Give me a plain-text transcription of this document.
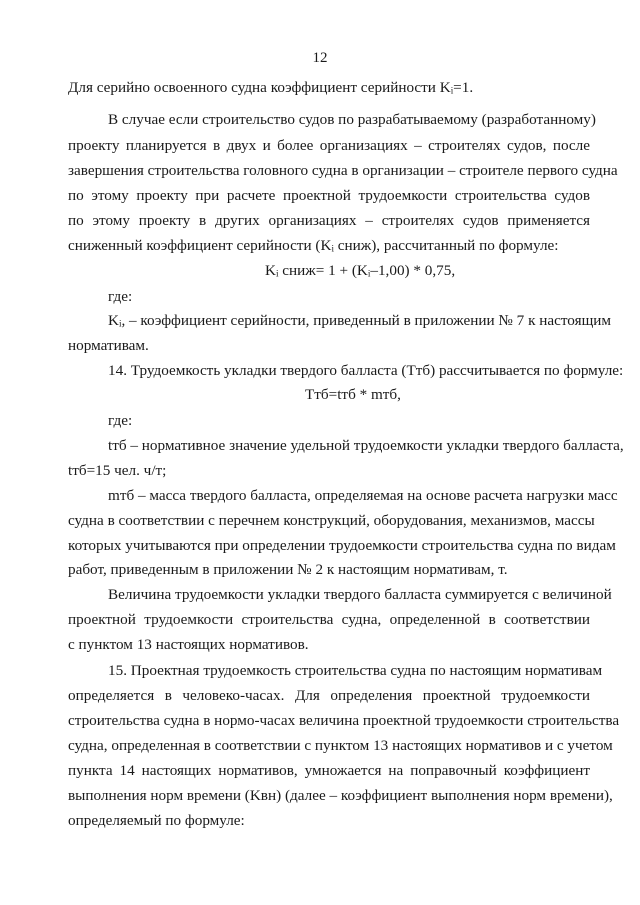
12
Для серийно освоенного судна коэффициент серийности Kᵢ=1.
В случае если строительство судов по разрабатываемому (разработанному)
проекту планируется в двух и более организациях – строителях судов, после
завершения строительства головного судна в организации – строителе первого судна
по этому проекту при расчете проектной трудоемкости строительства судов
по этому проекту в других организациях – строителях судов применяется
сниженный коэффициент серийности (Kᵢ сниж), рассчитанный по формуле:
Kᵢ сниж= 1 + (Kᵢ–1,00) * 0,75,
где:
Kᵢ, – коэффициент серийности, приведенный в приложении № 7 к настоящим
нормативам.
14. Трудоемкость укладки твердого балласта (Tтб) рассчитывается по формуле:
Tтб=tтб * mтб,
где:
tтб – нормативное значение удельной трудоемкости укладки твердого балласта,
tтб=15 чел. ч/т;
mтб – масса твердого балласта, определяемая на основе расчета нагрузки масс
судна в соответствии с перечнем конструкций, оборудования, механизмов, массы
которых учитываются при определении трудоемкости строительства судна по видам
работ, приведенным в приложении № 2 к настоящим нормативам, т.
Величина трудоемкости укладки твердого балласта суммируется с величиной
проектной трудоемкости строительства судна, определенной в соответствии
с пунктом 13 настоящих нормативов.
15. Проектная трудоемкость строительства судна по настоящим нормативам
определяется в человеко-часах. Для определения проектной трудоемкости
строительства судна в нормо-часах величина проектной трудоемкости строительства
судна, определенная в соответствии с пунктом 13 настоящих нормативов и с учетом
пункта 14 настоящих нормативов, умножается на поправочный коэффициент
выполнения норм времени (Kвн) (далее – коэффициент выполнения норм времени),
определяемый по формуле:
